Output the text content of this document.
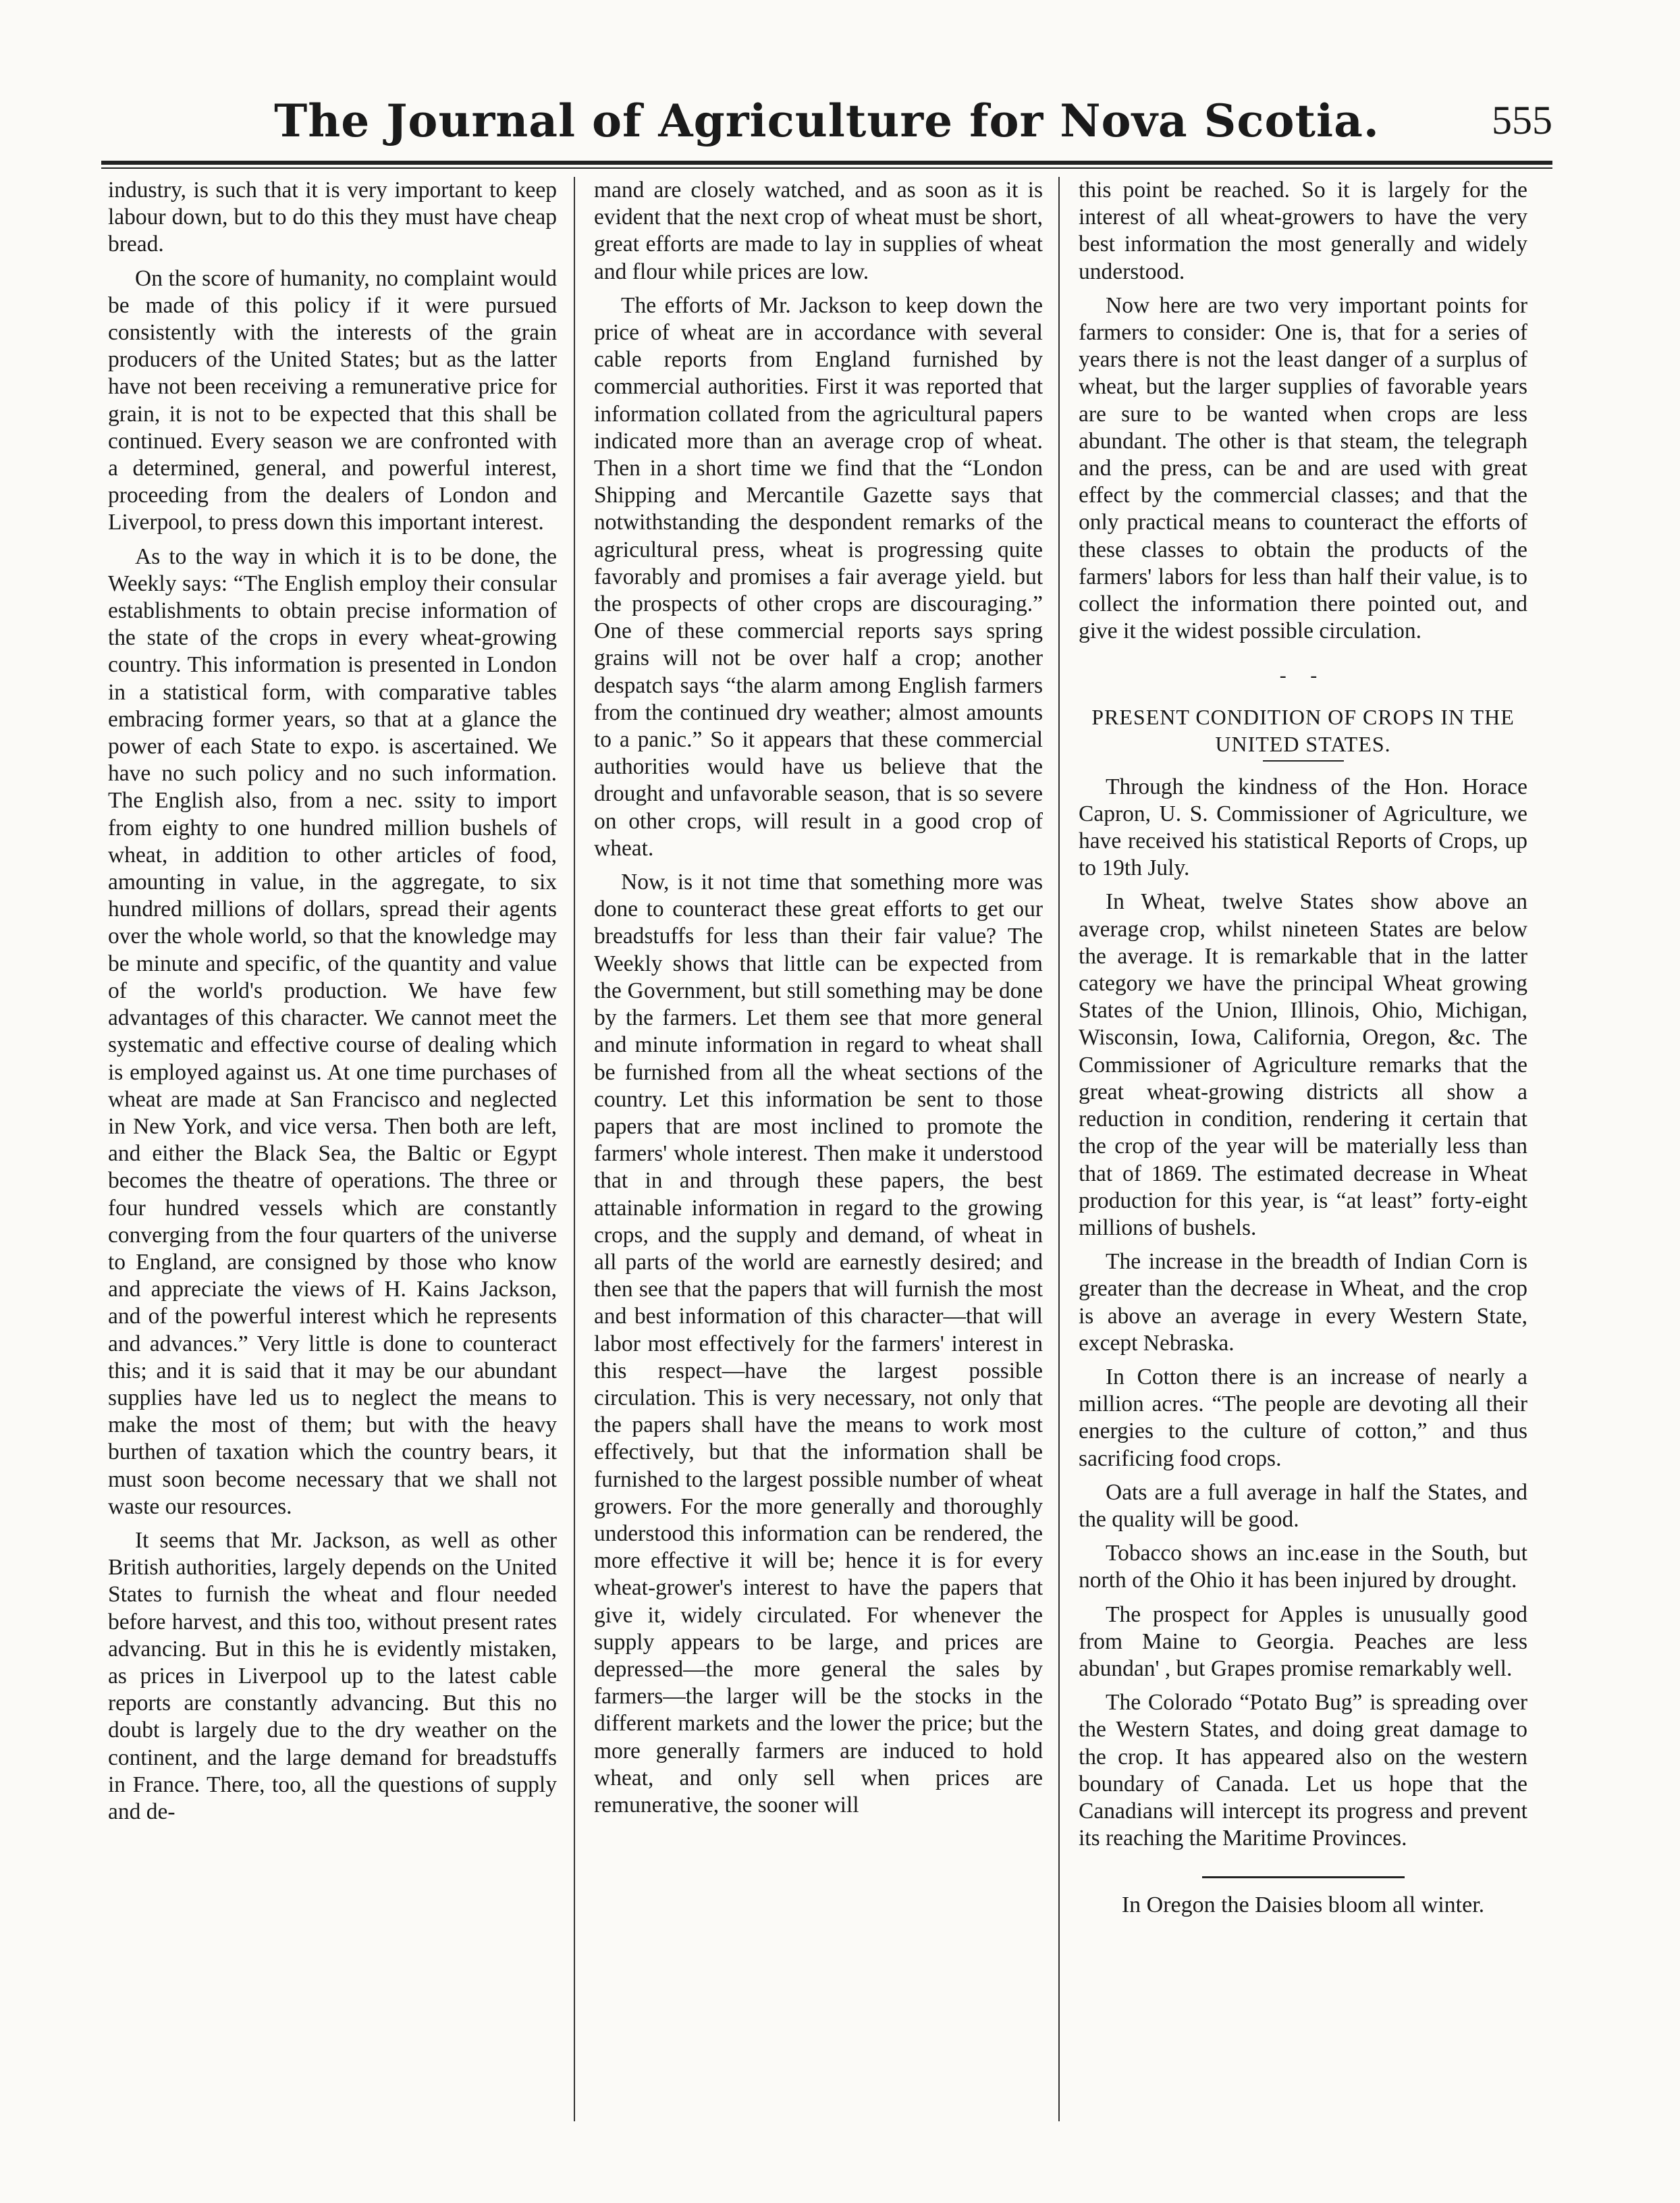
The Journal of Agriculture for Nova Scotia.	555

industry, is such that it is very important to keep labour down, but to do this they must have cheap bread.

On the score of humanity, no complaint would be made of this policy if it were pursued consistently with the interests of the grain producers of the United States; but as the latter have not been receiving a remunerative price for grain, it is not to be expected that this shall be continued. Every season we are confronted with a determined, general, and powerful interest, proceeding from the dealers of London and Liverpool, to press down this important interest.

As to the way in which it is to be done, the Weekly says: “The English employ their consular establishments to obtain precise information of the state of the crops in every wheat-growing country. This information is presented in London in a statistical form, with comparative tables embracing former years, so that at a glance the power of each State to expo. is ascertained. We have no such policy and no such information. The English also, from a nec. ssity to import from eighty to one hundred million bushels of wheat, in addition to other articles of food, amounting in value, in the aggregate, to six hundred millions of dollars, spread their agents over the whole world, so that the knowledge may be minute and specific, of the quantity and value of the world's production. We have few advantages of this character. We cannot meet the systematic and effective course of dealing which is employed against us. At one time purchases of wheat are made at San Francisco and neglected in New York, and vice versa. Then both are left, and either the Black Sea, the Baltic or Egypt becomes the theatre of operations. The three or four hundred vessels which are constantly converging from the four quarters of the universe to England, are consigned by those who know and appreciate the views of H. Kains Jackson, and of the powerful interest which he represents and advances.” Very little is done to counteract this; and it is said that it may be our abundant supplies have led us to neglect the means to make the most of them; but with the heavy burthen of taxation which the country bears, it must soon become necessary that we shall not waste our resources.

It seems that Mr. Jackson, as well as other British authorities, largely depends on the United States to furnish the wheat and flour needed before harvest, and this too, without present rates advancing. But in this he is evidently mistaken, as prices in Liverpool up to the latest cable reports are constantly advancing. But this no doubt is largely due to the dry weather on the continent, and the large demand for breadstuffs in France. There, too, all the questions of supply and de-

mand are closely watched, and as soon as it is evident that the next crop of wheat must be short, great efforts are made to lay in supplies of wheat and flour while prices are low.

The efforts of Mr. Jackson to keep down the price of wheat are in accordance with several cable reports from England furnished by commercial authorities. First it was reported that information collated from the agricultural papers indicated more than an average crop of wheat. Then in a short time we find that the “London Shipping and Mercantile Gazette says that notwithstanding the despondent remarks of the agricultural press, wheat is progressing quite favorably and promises a fair average yield. but the prospects of other crops are discouraging.” One of these commercial reports says spring grains will not be over half a crop; another despatch says “the alarm among English farmers from the continued dry weather; almost amounts to a panic.” So it appears that these commercial authorities would have us believe that the drought and unfavorable season, that is so severe on other crops, will result in a good crop of wheat.

Now, is it not time that something more was done to counteract these great efforts to get our breadstuffs for less than their fair value? The Weekly shows that little can be expected from the Government, but still something may be done by the farmers. Let them see that more general and minute information in regard to wheat shall be furnished from all the wheat sections of the country. Let this information be sent to those papers that are most inclined to promote the farmers' whole interest. Then make it understood that in and through these papers, the best attainable information in regard to the growing crops, and the supply and demand, of wheat in all parts of the world are earnestly desired; and then see that the papers that will furnish the most and best information of this character—that will labor most effectively for the farmers' interest in this respect—have the largest possible circulation. This is very necessary, not only that the papers shall have the means to work most effectively, but that the information shall be furnished to the largest possible number of wheat growers. For the more generally and thoroughly understood this information can be rendered, the more effective it will be; hence it is for every wheat-grower's interest to have the papers that give it, widely circulated. For whenever the supply appears to be large, and prices are depressed—the more general the sales by farmers—the larger will be the stocks in the different markets and the lower the price; but the more generally farmers are induced to hold wheat, and only sell when prices are remunerative, the sooner will

this point be reached. So it is largely for the interest of all wheat-growers to have the very best information the most generally and widely understood.

Now here are two very important points for farmers to consider: One is, that for a series of years there is not the least danger of a surplus of wheat, but the larger supplies of favorable years are sure to be wanted when crops are less abundant. The other is that steam, the telegraph and the press, can be and are used with great effect by the commercial classes; and that the only practical means to counteract the efforts of these classes to obtain the products of the farmers' labors for less than half their value, is to collect the information there pointed out, and give it the widest possible circulation.

- -
PRESENT CONDITION OF CROPS IN THE UNITED STATES.

Through the kindness of the Hon. Horace Capron, U. S. Commissioner of Agriculture, we have received his statistical Reports of Crops, up to 19th July.

In Wheat, twelve States show above an average crop, whilst nineteen States are below the average. It is remarkable that in the latter category we have the principal Wheat growing States of the Union, Illinois, Ohio, Michigan, Wisconsin, Iowa, California, Oregon, &c. The Commissioner of Agriculture remarks that the great wheat-growing districts all show a reduction in condition, rendering it certain that the crop of the year will be materially less than that of 1869. The estimated decrease in Wheat production for this year, is “at least” forty-eight millions of bushels.

The increase in the breadth of Indian Corn is greater than the decrease in Wheat, and the crop is above an average in every Western State, except Nebraska.

In Cotton there is an increase of nearly a million acres. “The people are devoting all their energies to the culture of cotton,” and thus sacrificing food crops.

Oats are a full average in half the States, and the quality will be good.

Tobacco shows an inc.ease in the South, but north of the Ohio it has been injured by drought.

The prospect for Apples is unusually good from Maine to Georgia. Peaches are less abundan' , but Grapes promise remarkably well.

The Colorado “Potato Bug” is spreading over the Western States, and doing great damage to the crop. It has appeared also on the western boundary of Canada. Let us hope that the Canadians will intercept its progress and prevent its reaching the Maritime Provinces.

In Oregon the Daisies bloom all winter.
